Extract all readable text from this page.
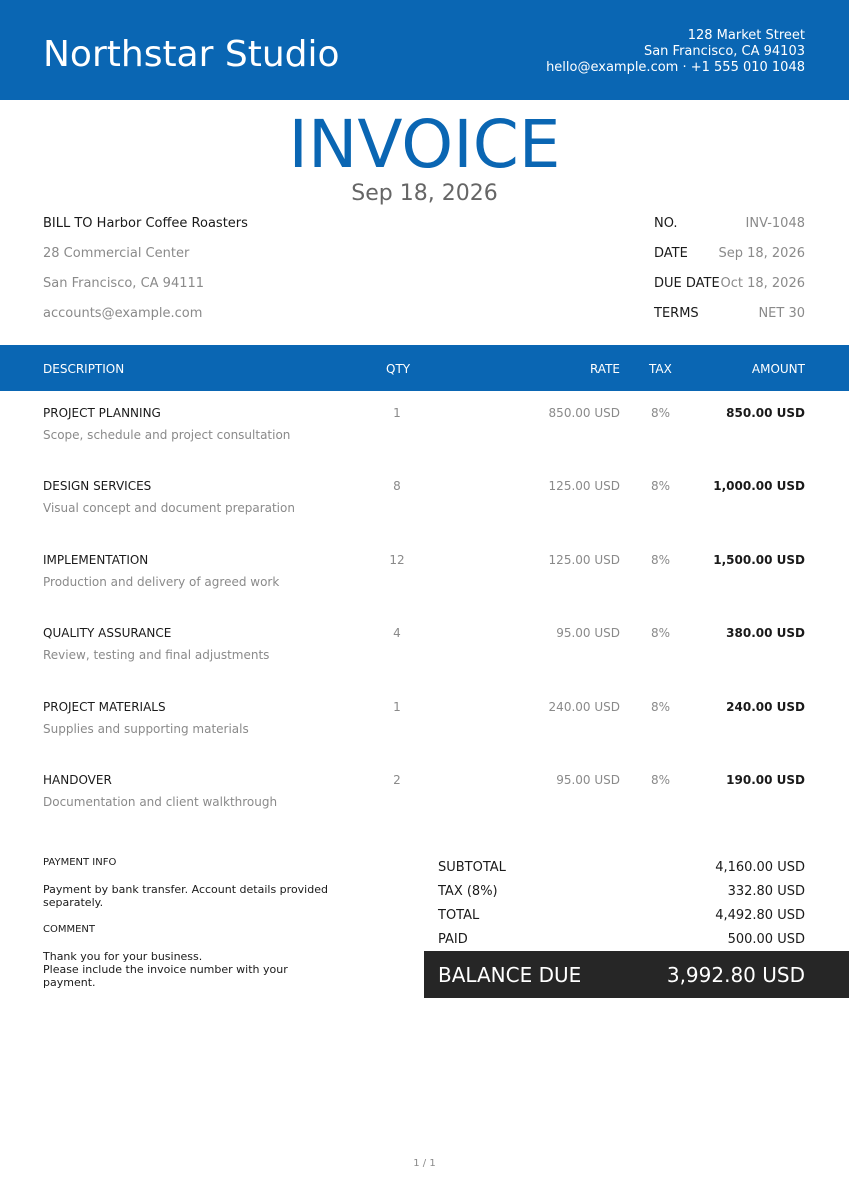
Northstar Studio	128 Market Street
San Francisco, CA 94103
hello@example.com · +1 555 010 1048
INVOICE
Sep 18, 2026
BILL TO Harbor Coffee Roasters
28 Commercial Center
San Francisco, CA 94111
accounts@example.com
NO.	INV-1048
DATE Sep 18, 2026
DUE DATE Oct 18, 2026
TERMS	NET 30
DESCRIPTION	QTY	RATE TAX	AMOUNT
PROJECT PLANNING
Scope, schedule and project consultation
1	850.00 USD	8%	850.00 USD
DESIGN SERVICES
Visual concept and document preparation
8	125.00 USD	8%	1,000.00 USD
IMPLEMENTATION
Production and delivery of agreed work
12	125.00 USD	8%	1,500.00 USD
QUALITY ASSURANCE
Review, testing and final adjustments
4	95.00 USD	8%	380.00 USD
PROJECT MATERIALS
Supplies and supporting materials
1	240.00 USD	8%	240.00 USD
HANDOVER
Documentation and client walkthrough
2	95.00 USD	8%	190.00 USD
PAYMENT INFO
Payment by bank transfer. Account details provided separately.
COMMENT
Thank you for your business.
Please include the invoice number with your payment.
SUBTOTAL	4,160.00 USD
TAX (8%)	332.80 USD
TOTAL	4,492.80 USD
PAID	500.00 USD
BALANCE DUE	3,992.80 USD
1 / 1
